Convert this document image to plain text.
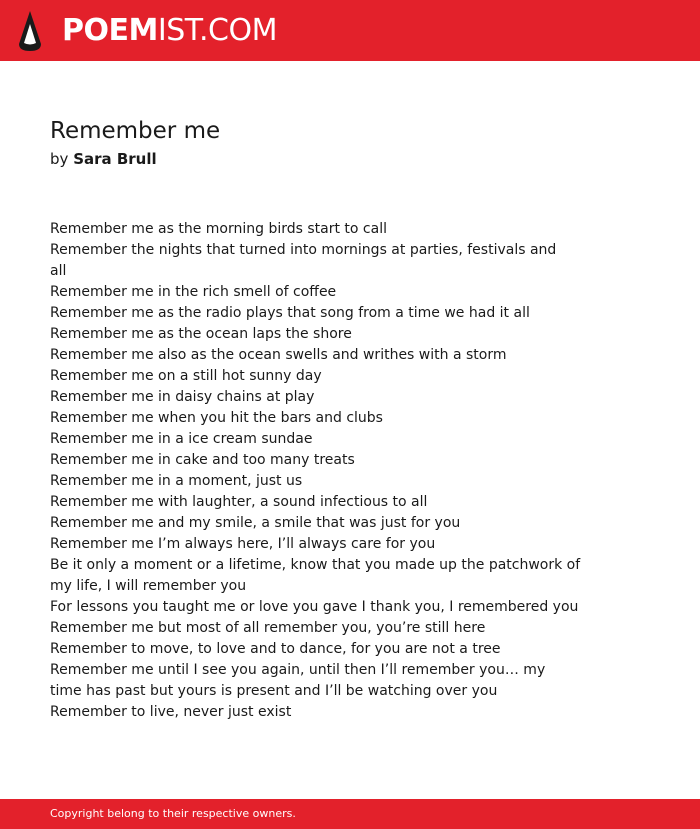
POEMIST.COM
Remember me
by Sara Brull
Remember me as the morning birds start to call
Remember the nights that turned into mornings at parties, festivals and
all
Remember me in the rich smell of coffee
Remember me as the radio plays that song from a time we had it all
Remember me as the ocean laps the shore
Remember me also as the ocean swells and writhes with a storm
Remember me on a still hot sunny day
Remember me in daisy chains at play
Remember me when you hit the bars and clubs
Remember me in a ice cream sundae
Remember me in cake and too many treats
Remember me in a moment, just us
Remember me with laughter, a sound infectious to all
Remember me and my smile, a smile that was just for you
Remember me I’m always here, I’ll always care for you
Be it only a moment or a lifetime, know that you made up the patchwork of
my life, I will remember you
For lessons you taught me or love you gave I thank you, I remembered you
Remember me but most of all remember you, you’re still here
Remember to move, to love and to dance, for you are not a tree
Remember me until I see you again, until then I’ll remember you… my
time has past but yours is present and I’ll be watching over you
Remember to live, never just exist
Copyright belong to their respective owners.
